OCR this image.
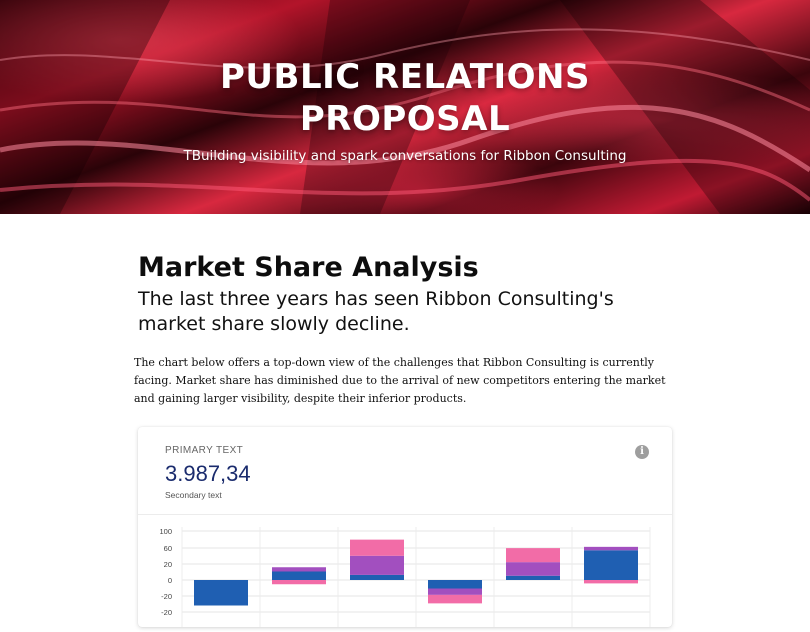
PUBLIC RELATIONS
PROPOSAL
TBuilding visibility and spark conversations for Ribbon Consulting
Market Share Analysis
The last three years has seen Ribbon Consulting's market share slowly decline.
The chart below offers a top-down view of the challenges that Ribbon Consulting is currently facing. Market share has diminished due to the arrival of new competitors entering the market and gaining larger visibility, despite their inferior products.
PRIMARY TEXT
3.987,34
Secondary text
i
100
60
20
0
-20
-20
